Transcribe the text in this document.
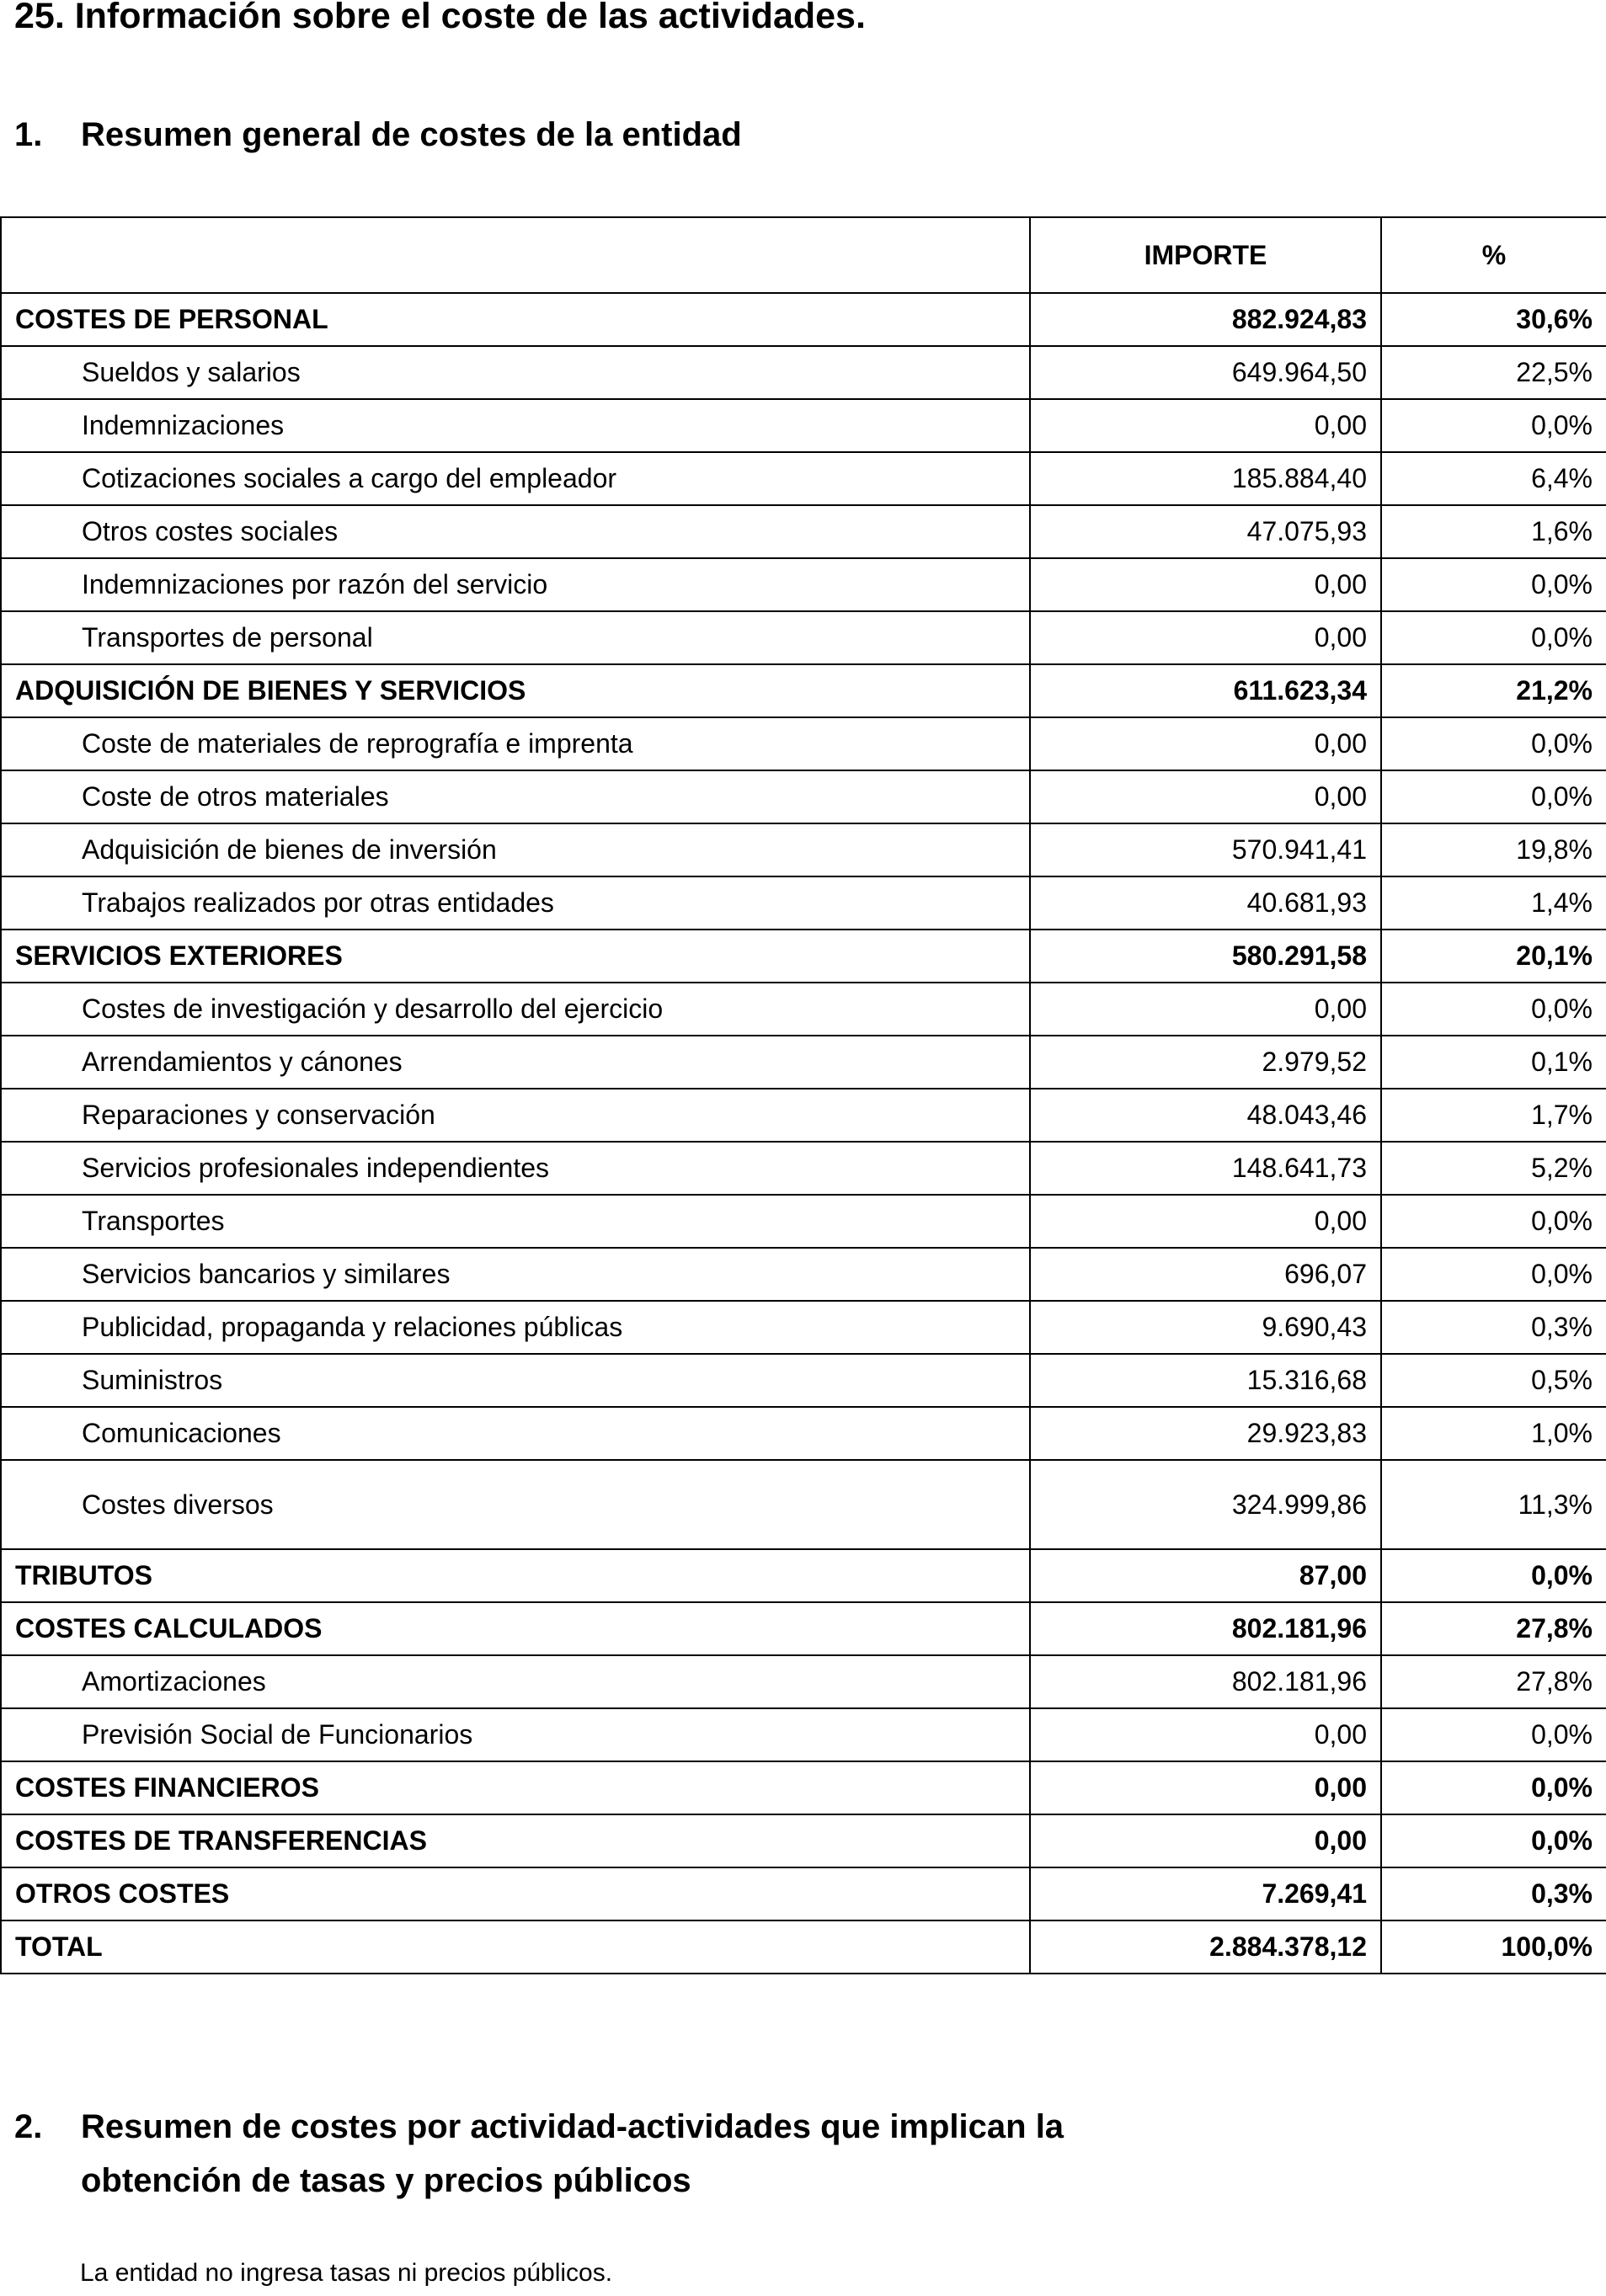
25. Información sobre el coste de las actividades.
1. Resumen general de costes de la entidad
	IMPORTE	%
COSTES DE PERSONAL	882.924,83	30,6%
Sueldos y salarios	649.964,50	22,5%
Indemnizaciones	0,00	0,0%
Cotizaciones sociales a cargo del empleador	185.884,40	6,4%
Otros costes sociales	47.075,93	1,6%
Indemnizaciones por razón del servicio	0,00	0,0%
Transportes de personal	0,00	0,0%
ADQUISICIÓN DE BIENES Y SERVICIOS	611.623,34	21,2%
Coste de materiales de reprografía e imprenta	0,00	0,0%
Coste de otros materiales	0,00	0,0%
Adquisición de bienes de inversión	570.941,41	19,8%
Trabajos realizados por otras entidades	40.681,93	1,4%
SERVICIOS EXTERIORES	580.291,58	20,1%
Costes de investigación y desarrollo del ejercicio	0,00	0,0%
Arrendamientos y cánones	2.979,52	0,1%
Reparaciones y conservación	48.043,46	1,7%
Servicios profesionales independientes	148.641,73	5,2%
Transportes	0,00	0,0%
Servicios bancarios y similares	696,07	0,0%
Publicidad, propaganda y relaciones públicas	9.690,43	0,3%
Suministros	15.316,68	0,5%
Comunicaciones	29.923,83	1,0%
Costes diversos	324.999,86	11,3%
TRIBUTOS	87,00	0,0%
COSTES CALCULADOS	802.181,96	27,8%
Amortizaciones	802.181,96	27,8%
Previsión Social de Funcionarios	0,00	0,0%
COSTES FINANCIEROS	0,00	0,0%
COSTES DE TRANSFERENCIAS	0,00	0,0%
OTROS COSTES	7.269,41	0,3%
TOTAL	2.884.378,12	100,0%
2. Resumen de costes por actividad-actividades que implican la obtención de tasas y precios públicos
La entidad no ingresa tasas ni precios públicos.
